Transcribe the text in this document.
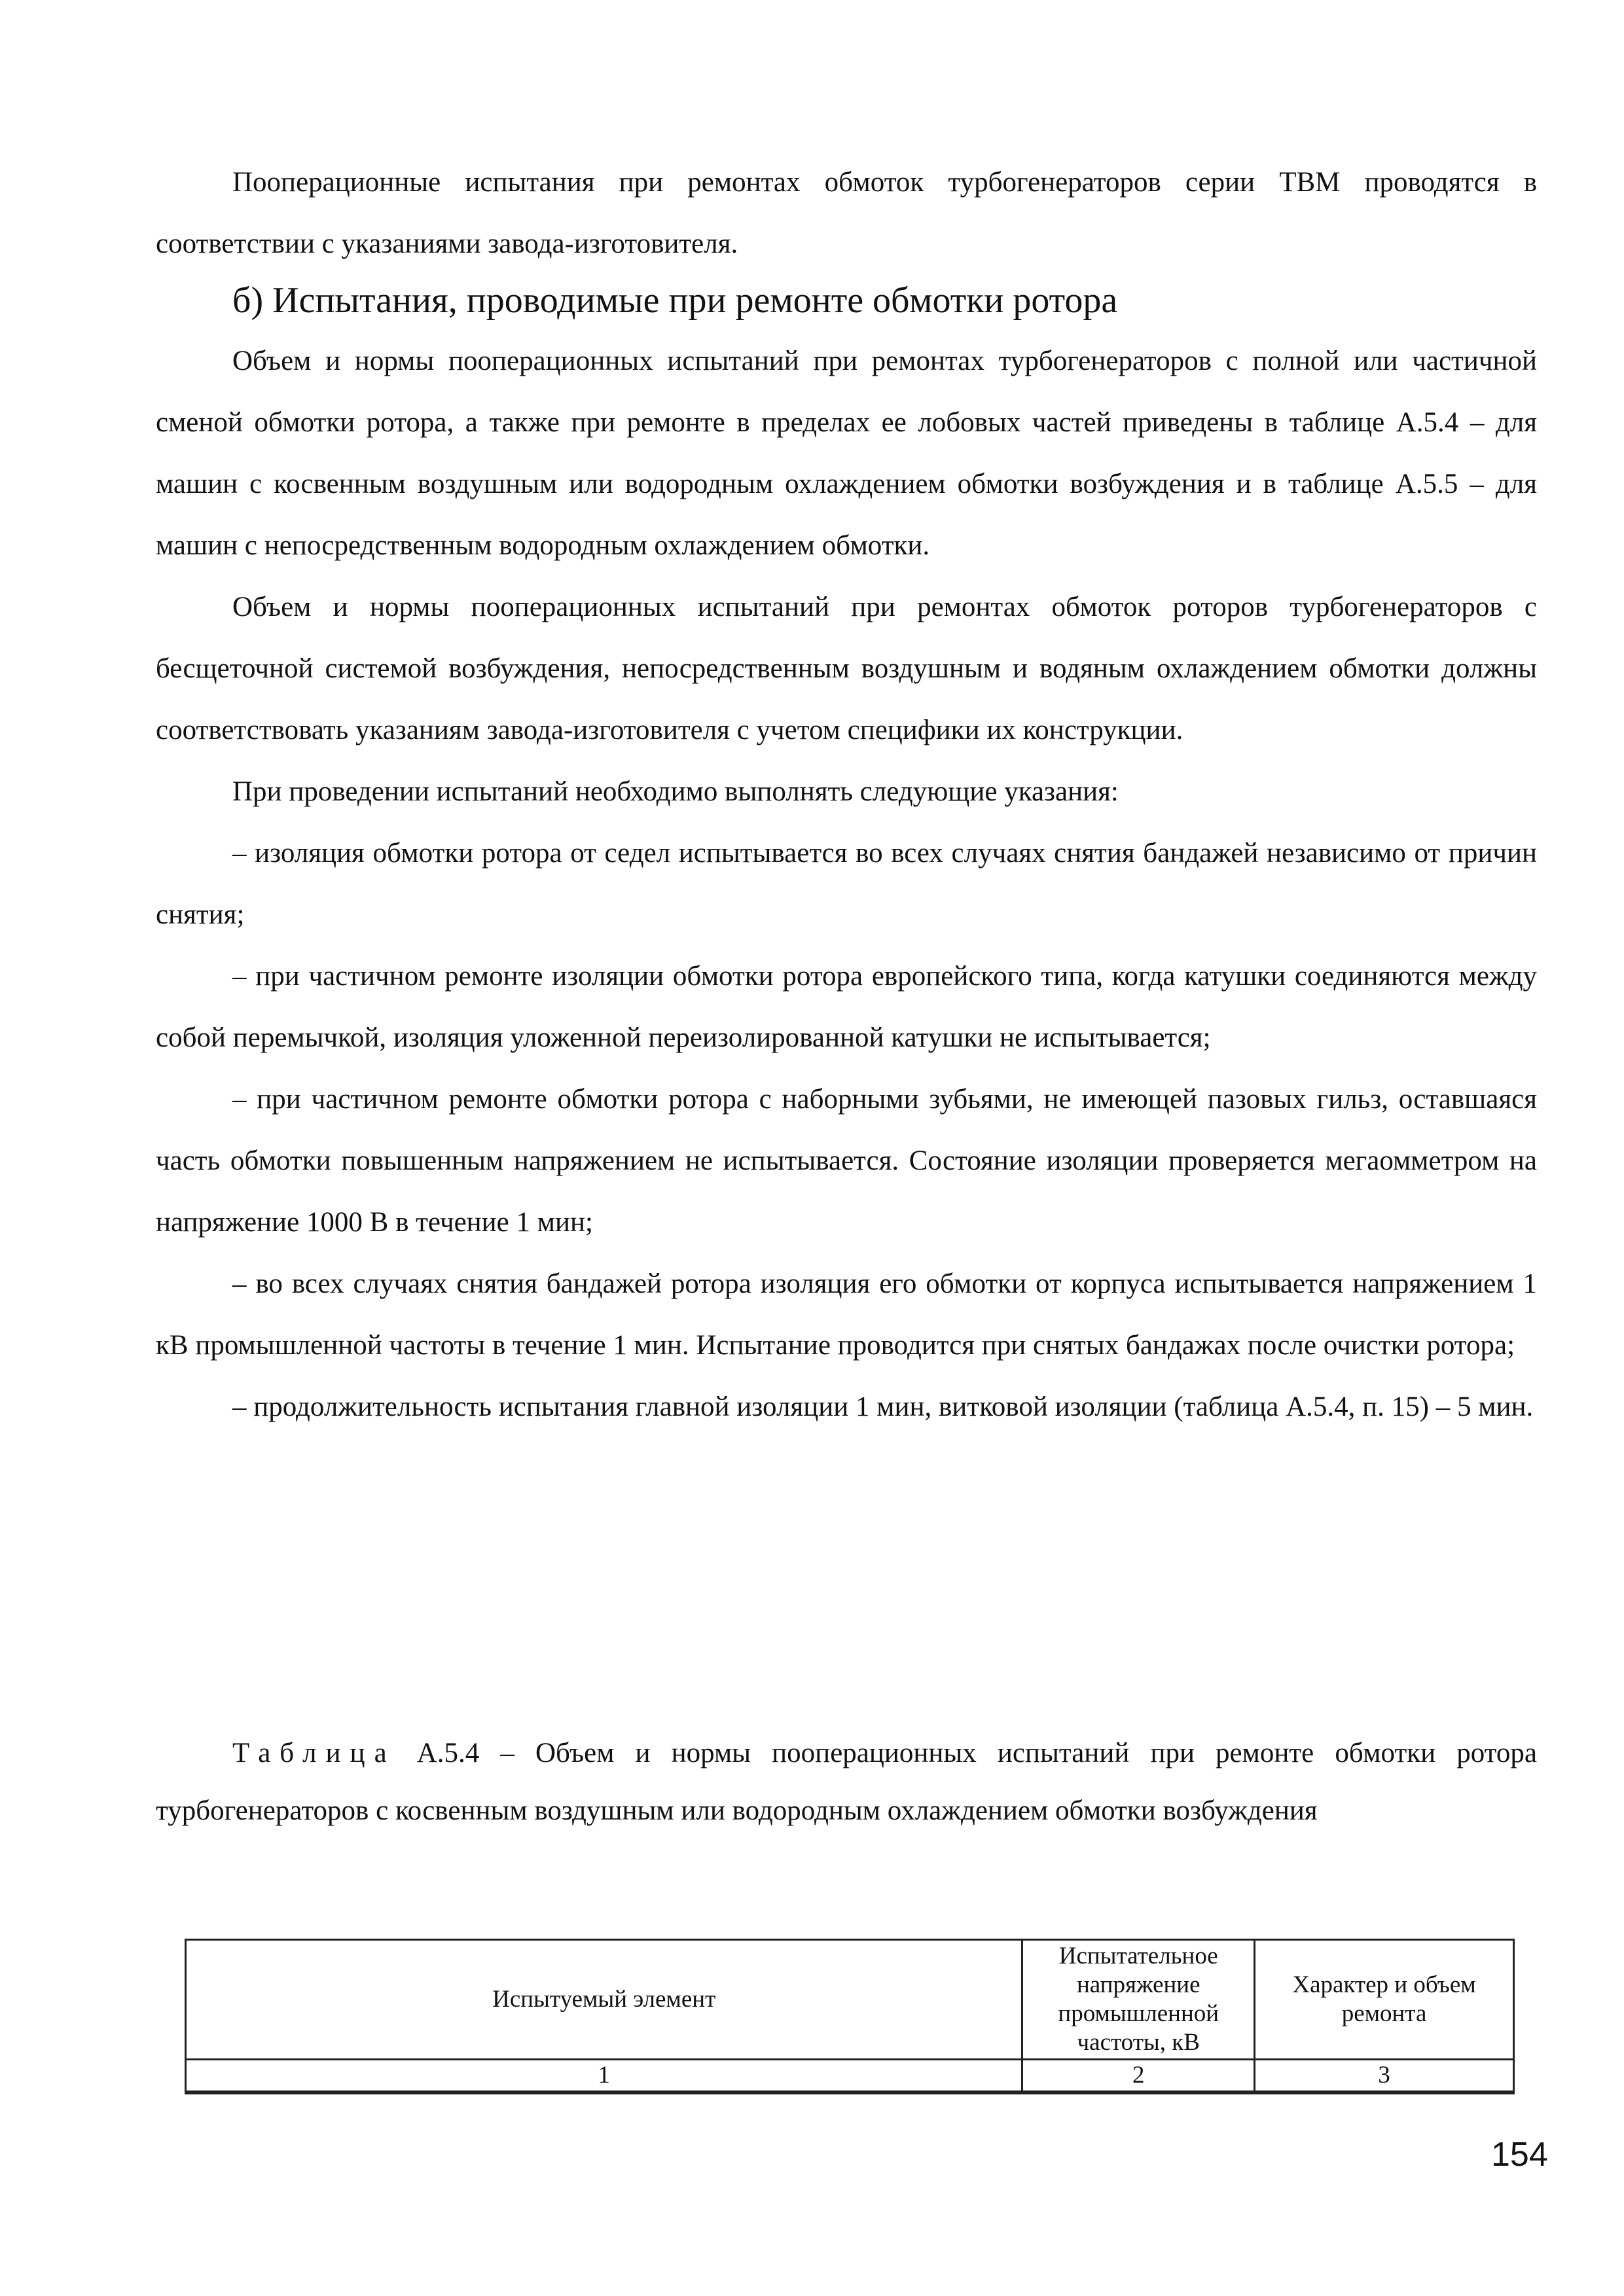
Пооперационные испытания при ремонтах обмоток турбогенераторов серии ТВМ проводятся в соответствии с указаниями завода-изготовителя.

б) Испытания, проводимые при ремонте обмотки ротора

Объем и нормы пооперационных испытаний при ремонтах турбогенераторов с полной или частичной сменой обмотки ротора, а также при ремонте в пределах ее лобовых частей приведены в таблице А.5.4 – для машин с косвенным воздушным или водородным охлаждением обмотки возбуждения и в таблице А.5.5 – для машин с непосредственным водородным охлаждением обмотки.

Объем и нормы пооперационных испытаний при ремонтах обмоток роторов турбогенераторов с бесщеточной системой возбуждения, непосредственным воздушным и водяным охлаждением обмотки должны соответствовать указаниям завода-изготовителя с учетом специфики их конструкции.

При проведении испытаний необходимо выполнять следующие указания:

– изоляция обмотки ротора от седел испытывается во всех случаях снятия бандажей независимо от причин снятия;

– при частичном ремонте изоляции обмотки ротора европейского типа, когда катушки соединяются между собой перемычкой, изоляция уложенной переизолированной катушки не испытывается;

– при частичном ремонте обмотки ротора с наборными зубьями, не имеющей пазовых гильз, оставшаяся часть обмотки повышенным напряжением не испытывается. Состояние изоляции проверяется мегаомметром на напряжение 1000 В в течение 1 мин;

– во всех случаях снятия бандажей ротора изоляция его обмотки от корпуса испытывается напряжением 1 кВ промышленной частоты в течение 1 мин. Испытание проводится при снятых бандажах после очистки ротора;

– продолжительность испытания главной изоляции 1 мин, витковой изоляции (таблица А.5.4, п. 15) – 5 мин.

Таблица А.5.4 – Объем и нормы пооперационных испытаний при ремонте обмотки ротора турбогенераторов с косвенным воздушным или водородным охлаждением обмотки возбуждения
Испытуемый элемент	Испытательное напряжение промышленной частоты, кВ	Характер и объем ремонта
1	2	3
154
